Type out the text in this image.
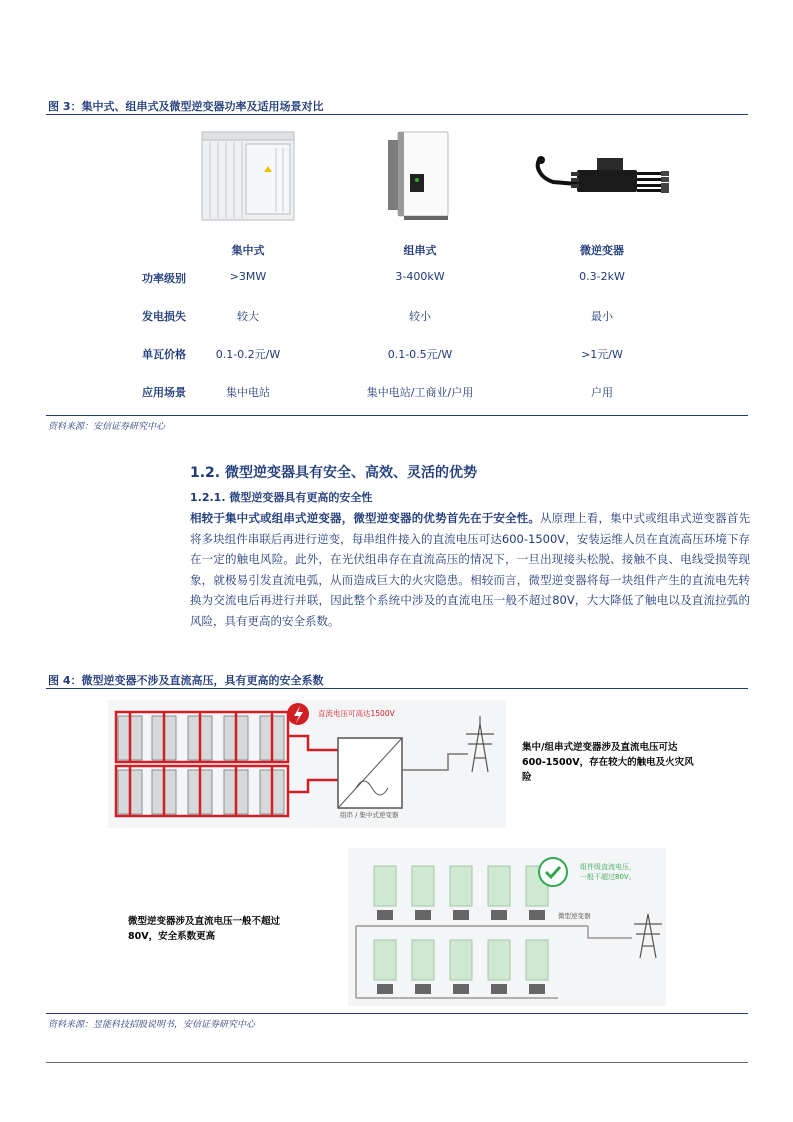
图 3：集中式、组串式及微型逆变器功率及适用场景对比
集中式	组串式	微逆变器
功率级别	>3MW	3-400kW	0.3-2kW
发电损失	较大	较小	最小
单瓦价格	0.1-0.2元/W	0.1-0.5元/W	>1元/W
应用场景	集中电站	集中电站/工商业/户用	户用
资料来源：安信证券研究中心
1.2. 微型逆变器具有安全、高效、灵活的优势
1.2.1. 微型逆变器具有更高的安全性
相较于集中式或组串式逆变器，微型逆变器的优势首先在于安全性。从原理上看，集中式或组串式逆变器首先将多块组件串联后再进行逆变，每串组件接入的直流电压可达600-1500V，安装运维人员在直流高压环境下存在一定的触电风险。此外，在光伏组串存在直流高压的情况下，一旦出现接头松脱、接触不良、电线受损等现象，就极易引发直流电弧，从而造成巨大的火灾隐患。相较而言，微型逆变器将每一块组件产生的直流电先转换为交流电后再进行并联，因此整个系统中涉及的直流电压一般不超过80V，大大降低了触电以及直流拉弧的风险，具有更高的安全系数。
图 4：微型逆变器不涉及直流高压，具有更高的安全系数
直流电压可高达1500V
组串 / 集中式逆变器
集中/组串式逆变器涉及直流电压可达600-1500V，存在较大的触电及火灾风险
组件级直流电压，
一般不超过80V。
微型逆变器
微型逆变器涉及直流电压一般不超过80V，安全系数更高
资料来源：昱能科技招股说明书，安信证券研究中心
